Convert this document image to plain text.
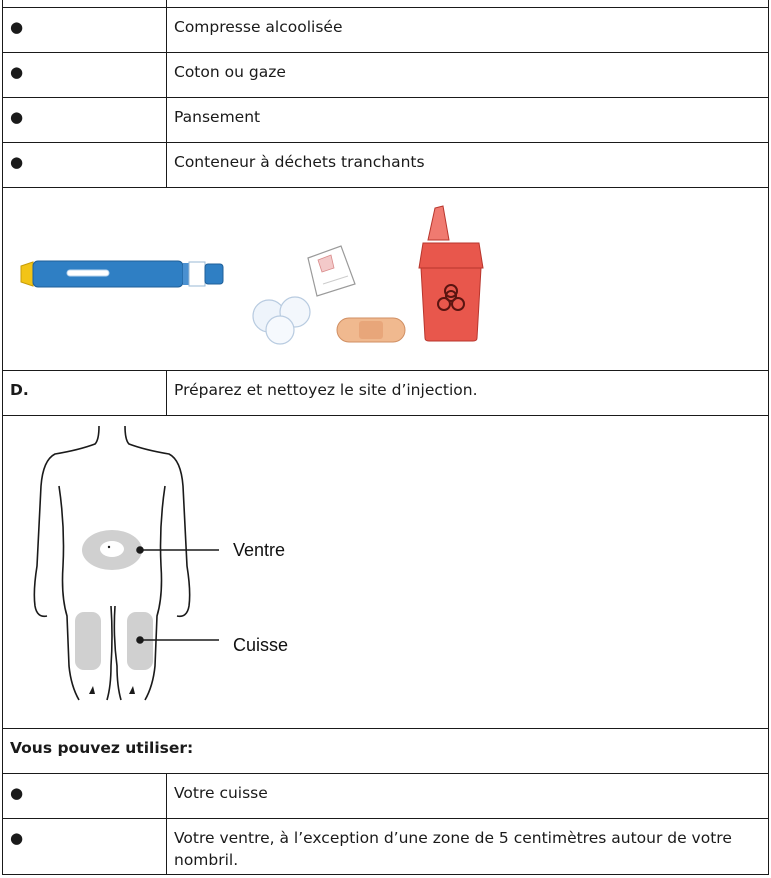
●	Compresse alcoolisée

●	Coton ou gaze

●	Pansement

●	Conteneur à déchets tranchants

D.	Préparez et nettoyez le site d’injection.

Ventre
Cuisse	

Vous pouvez utiliser:	

●	Votre cuisse

●	Votre ventre, à l’exception d’une zone de 5 centimètres autour de votre nombril.
